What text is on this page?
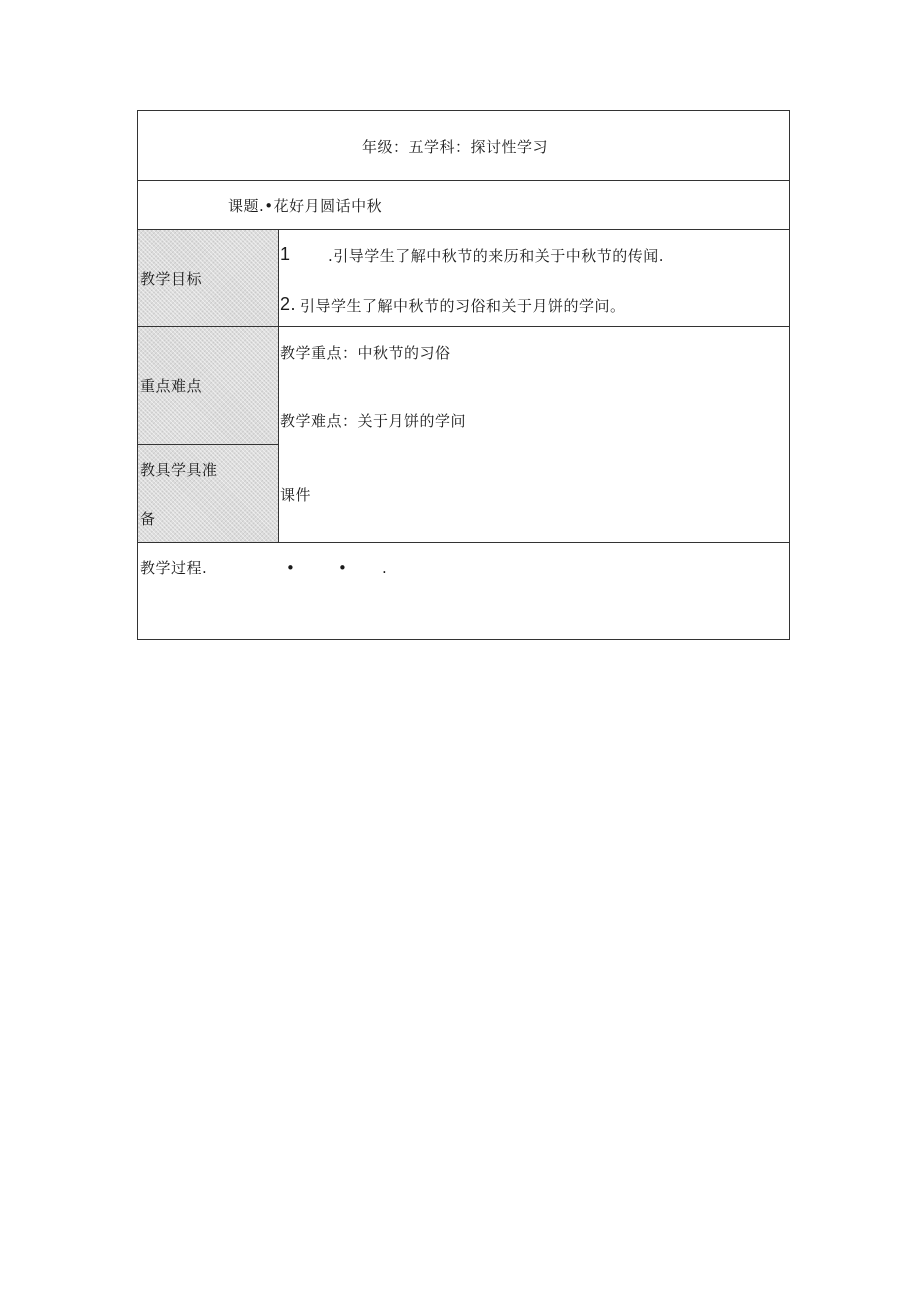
年级：五学科：探讨性学习
课题.•花好月圆话中秋
教学目标
1 .引导学生了解中秋节的来历和关于中秋节的传闻.
2. 引导学生了解中秋节的习俗和关于月饼的学问。
重点难点
教学重点：中秋节的习俗
教学难点：关于月饼的学问
教具学具准
备
课件
教学过程.	•	• .
